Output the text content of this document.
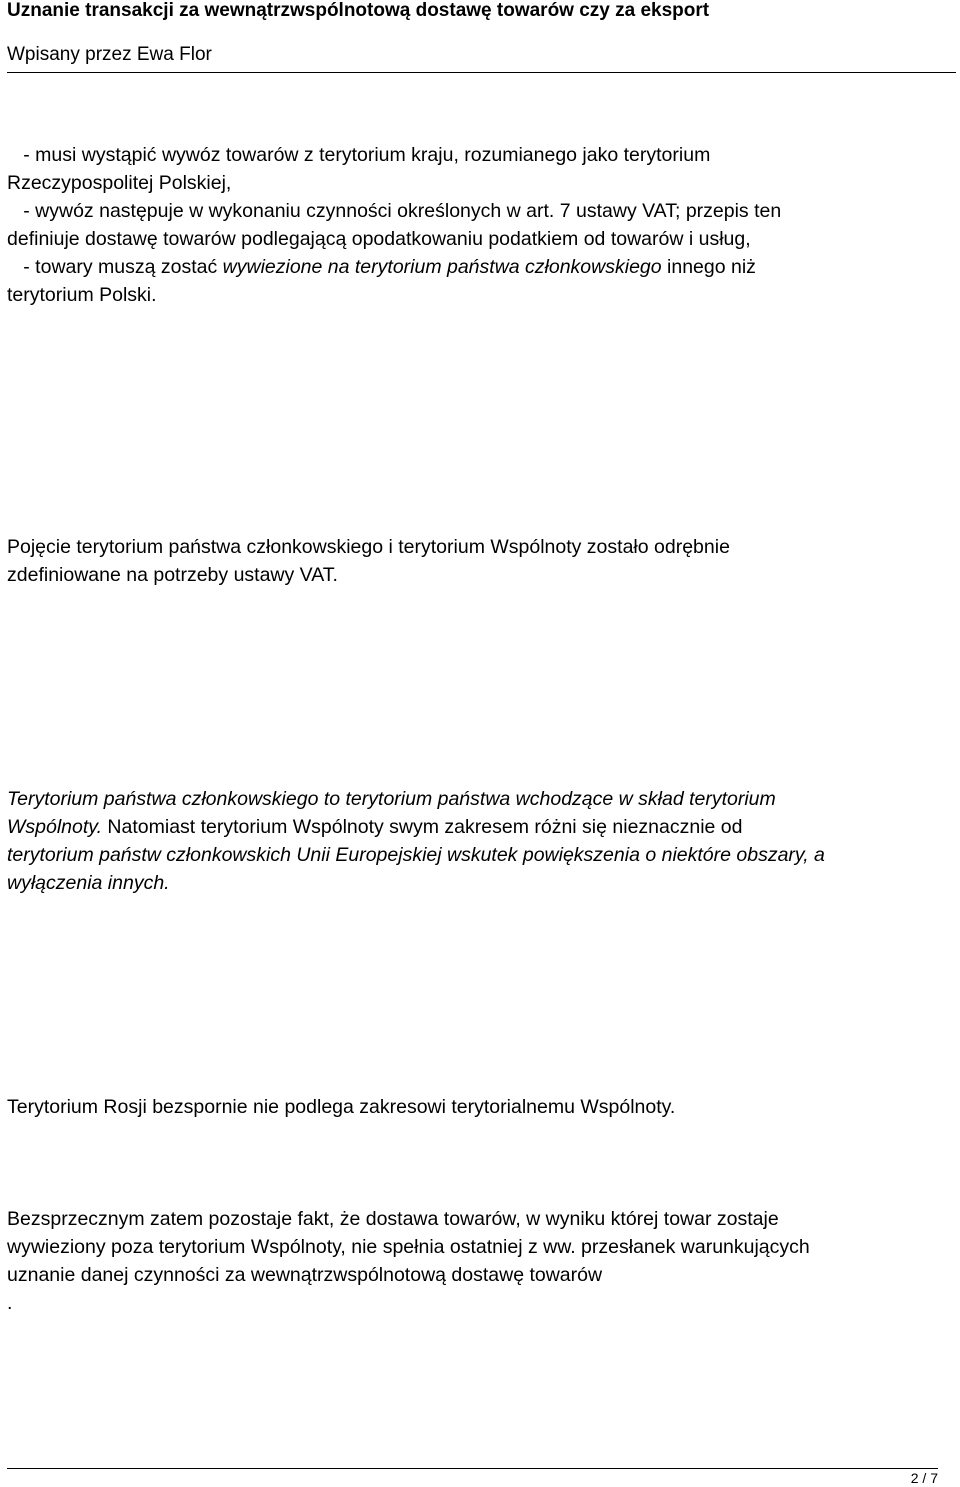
Uznanie transakcji za wewnątrzwspólnotową dostawę towarów czy za eksport
Wpisany przez Ewa Flor

- musi wystąpić wywóz towarów z terytorium kraju, rozumianego jako terytorium
Rzeczypospolitej Polskiej,
- wywóz następuje w wykonaniu czynności określonych w art. 7 ustawy VAT; przepis ten
definiuje dostawę towarów podlegającą opodatkowaniu podatkiem od towarów i usług,
- towary muszą zostać wywiezione na terytorium państwa członkowskiego innego niż
terytorium Polski.

Pojęcie terytorium państwa członkowskiego i terytorium Wspólnoty zostało odrębnie
zdefiniowane na potrzeby ustawy VAT.

Terytorium państwa członkowskiego to terytorium państwa wchodzące w skład terytorium
Wspólnoty. Natomiast terytorium Wspólnoty swym zakresem różni się nieznacznie od
terytorium państw członkowskich Unii Europejskiej wskutek powiększenia o niektóre obszary, a
wyłączenia innych.

Terytorium Rosji bezspornie nie podlega zakresowi terytorialnemu Wspólnoty.

Bezsprzecznym zatem pozostaje fakt, że dostawa towarów, w wyniku której towar zostaje
wywieziony poza terytorium Wspólnoty, nie spełnia ostatniej z ww. przesłanek warunkujących
uznanie danej czynności za wewnątrzwspólnotową dostawę towarów
.

2 / 7
